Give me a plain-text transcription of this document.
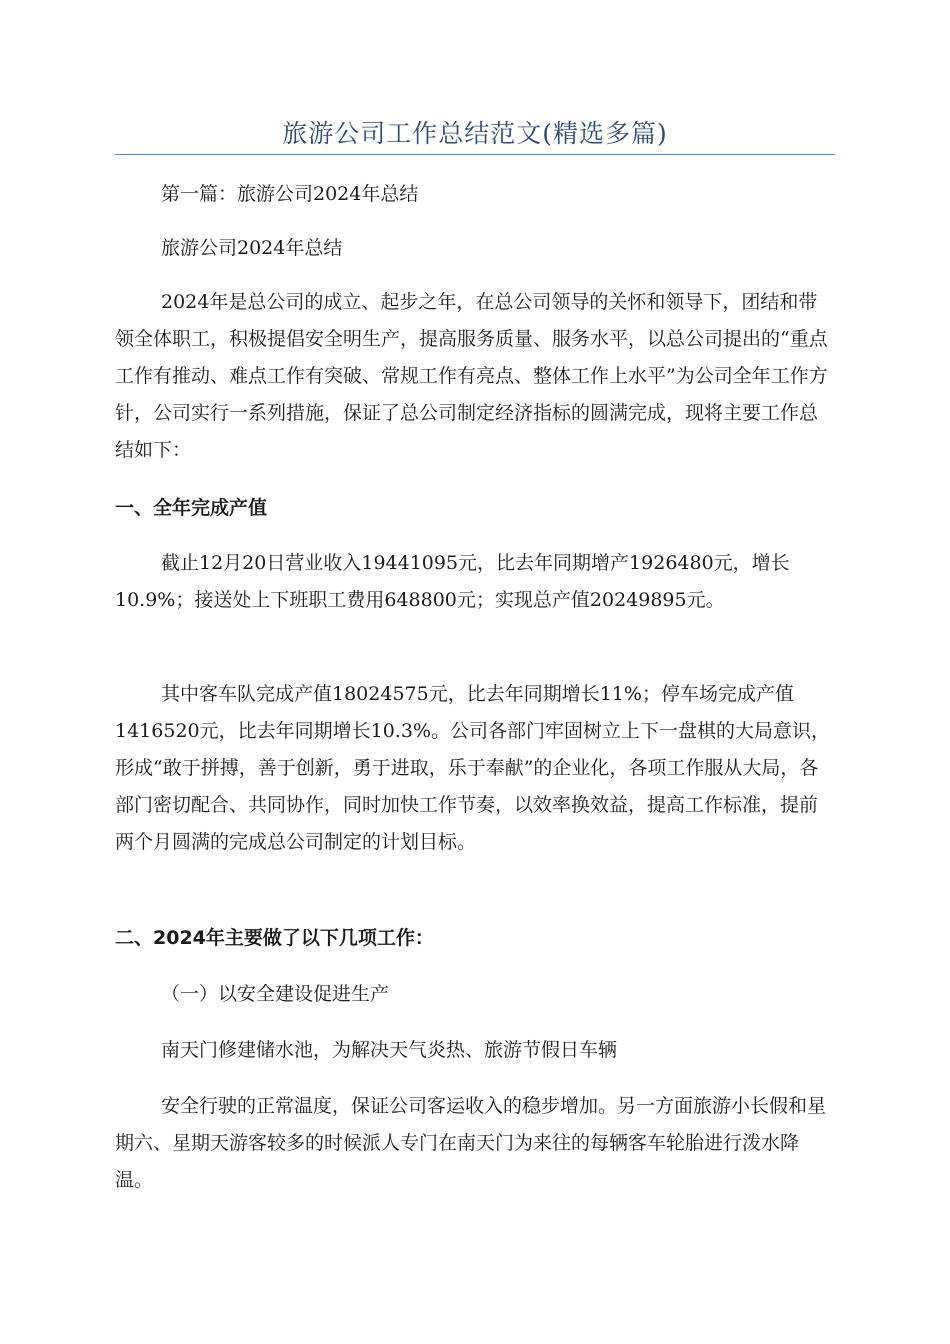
旅游公司工作总结范文(精选多篇)

第一篇：旅游公司2024年总结

旅游公司2024年总结

2024年是总公司的成立、起步之年，在总公司领导的关怀和领导下，团结和带领全体职工，积极提倡安全明生产，提高服务质量、服务水平，以总公司提出的“重点工作有推动、难点工作有突破、常规工作有亮点、整体工作上水平”为公司全年工作方针，公司实行一系列措施，保证了总公司制定经济指标的圆满完成，现将主要工作总结如下：

一、全年完成产值

截止12月20日营业收入19441095元，比去年同期增产1926480元，增长10.9%；接送处上下班职工费用648800元；实现总产值20249895元。

其中客车队完成产值18024575元，比去年同期增长11%；停车场完成产值1416520元，比去年同期增长10.3%。公司各部门牢固树立上下一盘棋的大局意识，形成“敢于拼搏，善于创新，勇于进取，乐于奉献”的企业化，各项工作服从大局，各部门密切配合、共同协作，同时加快工作节奏，以效率换效益，提高工作标准，提前两个月圆满的完成总公司制定的计划目标。

二、2024年主要做了以下几项工作：

（一）以安全建设促进生产

南天门修建储水池，为解决天气炎热、旅游节假日车辆

安全行驶的正常温度，保证公司客运收入的稳步增加。另一方面旅游小长假和星期六、星期天游客较多的时候派人专门在南天门为来往的每辆客车轮胎进行泼水降温。
